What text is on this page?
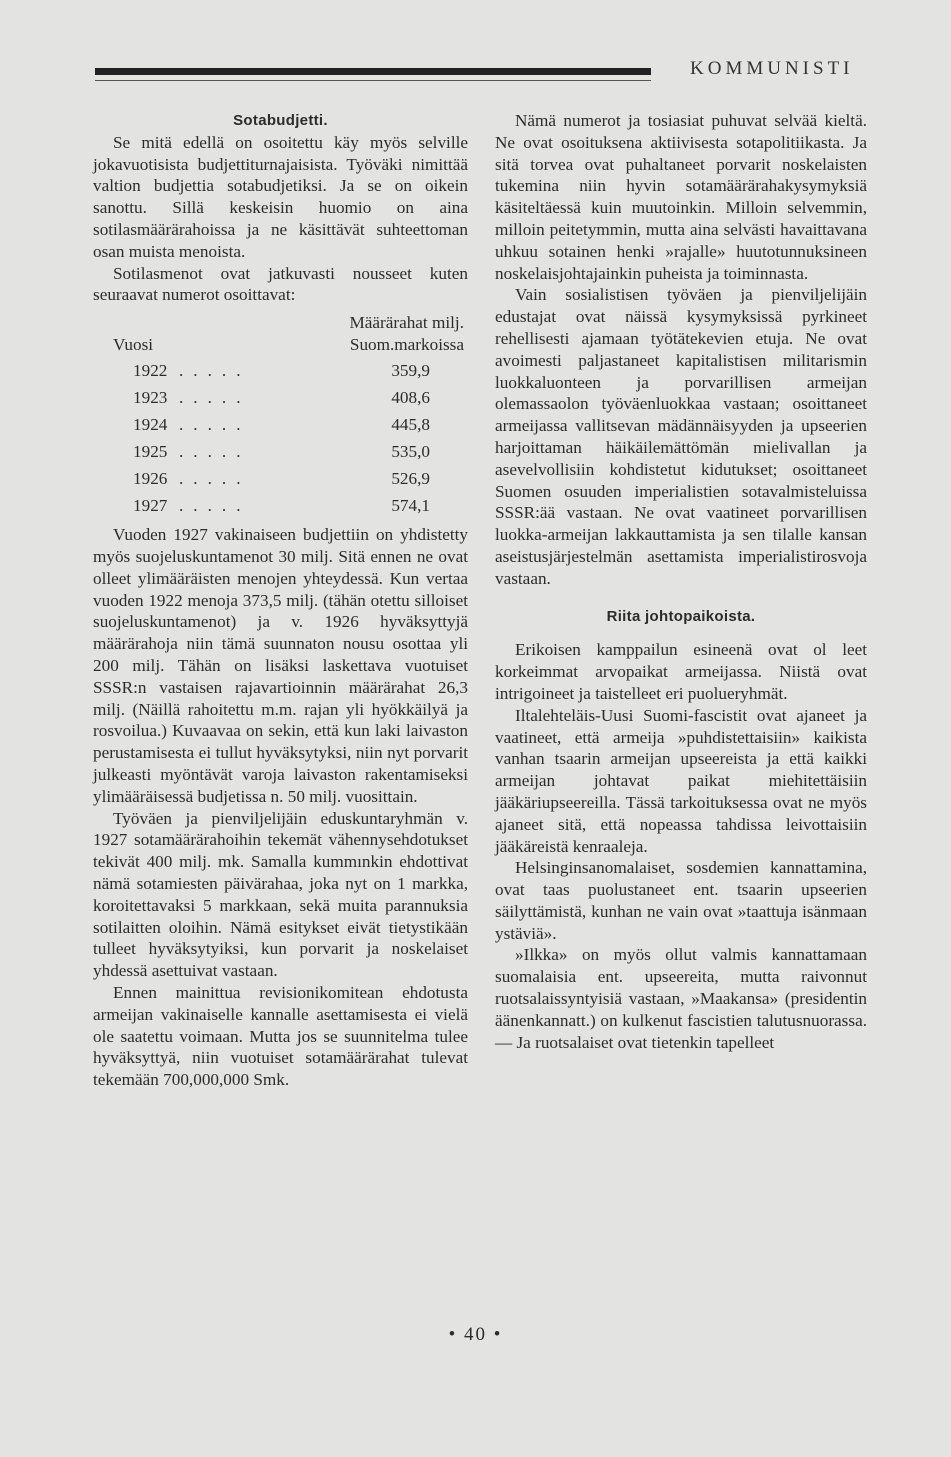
KOMMUNISTI

Sotabudjetti.

Se mitä edellä on osoitettu käy myös selville jokavuotisista budjettiturnajaisista. Työväki nimittää valtion budjettia sotabudjetiksi. Ja se on oikein sanottu. Sillä keskeisin huomio on aina sotilasmäärärahoissa ja ne käsittävät suhteettoman osan muista menoista.

Sotilasmenot ovat jatkuvasti nousseet kuten seuraavat numerot osoittavat:

Määrärahat milj.
Vuosi	Suom.markoissa
1922 .....	359,9
1923 .....	408,6
1924 .....	445,8
1925 .....	535,0
1926 .....	526,9
1927 .....	574,1

Vuoden 1927 vakinaiseen budjettiin on yhdistetty myös suojeluskuntamenot 30 milj. Sitä ennen ne ovat olleet ylimääräisten menojen yhteydessä. Kun vertaa vuoden 1922 menoja 373,5 milj. (tähän otettu silloiset suojeluskuntamenot) ja v. 1926 hyväksyttyjä määrärahoja niin tämä suunnaton nousu osottaa yli 200 milj. Tähän on lisäksi laskettava vuotuiset SSSR:n vastaisen rajavartioinnin määrärahat 26,3 milj. (Näillä rahoitettu m.m. rajan yli hyökkäilyä ja rosvoilua.) Kuvaavaa on sekin, että kun laki laivaston perustamisesta ei tullut hyväksytyksi, niin nyt porvarit julkeasti myöntävät varoja laivaston rakentamiseksi ylimääräisessä budjetissa n. 50 milj. vuosittain.

Työväen ja pienviljelijäin eduskuntaryhmän v. 1927 sotamäärärahoihin tekemät vähennysehdotukset tekivät 400 milj. mk. Samalla kummınkin ehdottivat nämä sotamiesten päivärahaa, joka nyt on 1 markka, koroitettavaksi 5 markkaan, sekä muita parannuksia sotilaitten oloihin. Nämä esitykset eivät tietystikään tulleet hyväksytyiksi, kun porvarit ja noskelaiset yhdessä asettuivat vastaan.

Ennen mainittua revisionikomitean ehdotusta armeijan vakinaiselle kannalle asettamisesta ei vielä ole saatettu voimaan. Mutta jos se suunnitelma tulee hyväksyttyä, niin vuotuiset sotamäärärahat tulevat tekemään 700,000,000 Smk.

Nämä numerot ja tosiasiat puhuvat selvää kieltä. Ne ovat osoituksena aktiivisesta sotapolitiikasta. Ja sitä torvea ovat puhaltaneet porvarit noskelaisten tukemina niin hyvin sotamäärärahakysymyksiä käsiteltäessä kuin muutoinkin. Milloin selvemmin, milloin peitetymmin, mutta aina selvästi havaittavana uhkuu sotainen henki »rajalle» huutotunnuksineen noskelaisjohtajainkin puheista ja toiminnasta.

Vain sosialistisen työväen ja pienviljelijäin edustajat ovat näissä kysymyksissä pyrkineet rehellisesti ajamaan työtätekevien etuja. Ne ovat avoimesti paljastaneet kapitalistisen militarismin luokkaluonteen ja porvarillisen armeijan olemassaolon työväenluokkaa vastaan; osoittaneet armeijassa vallitsevan mädännäisyyden ja upseerien harjoittaman häikäilemättömän mielivallan ja asevelvollisiin kohdistetut kidutukset; osoittaneet Suomen osuuden imperialistien sotavalmisteluissa SSSR:ää vastaan. Ne ovat vaatineet porvarillisen luokka-armeijan lakkauttamista ja sen tilalle kansan aseistusjärjestelmän asettamista imperialistirosvoja vastaan.

Riita johtopaikoista.

Erikoisen kamppailun esineenä ovat ol leet korkeimmat arvopaikat armeijassa. Niistä ovat intrigoineet ja taistelleet eri puolueryhmät.

Iltalehteläis-Uusi Suomi-fascistit ovat ajaneet ja vaatineet, että armeija »puhdistettaisiin» kaikista vanhan tsaarin armeijan upseereista ja että kaikki armeijan johtavat paikat miehitettäisiin jääkäriupseereilla. Tässä tarkoituksessa ovat ne myös ajaneet sitä, että nopeassa tahdissa leivottaisiin jääkäreistä kenraaleja.

Helsinginsanomalaiset, sosdemien kannattamina, ovat taas puolustaneet ent. tsaarin upseerien säilyttämistä, kunhan ne vain ovat »taattuja isänmaan ystäviä».

»Ilkka» on myös ollut valmis kannattamaan suomalaisia ent. upseereita, mutta raivonnut ruotsalaissyntyisiä vastaan, »Maakansa» (presidentin äänenkannatt.) on kulkenut fascistien talutusnuorassa. — Ja ruotsalaiset ovat tietenkin tapelleet

• 40 •
